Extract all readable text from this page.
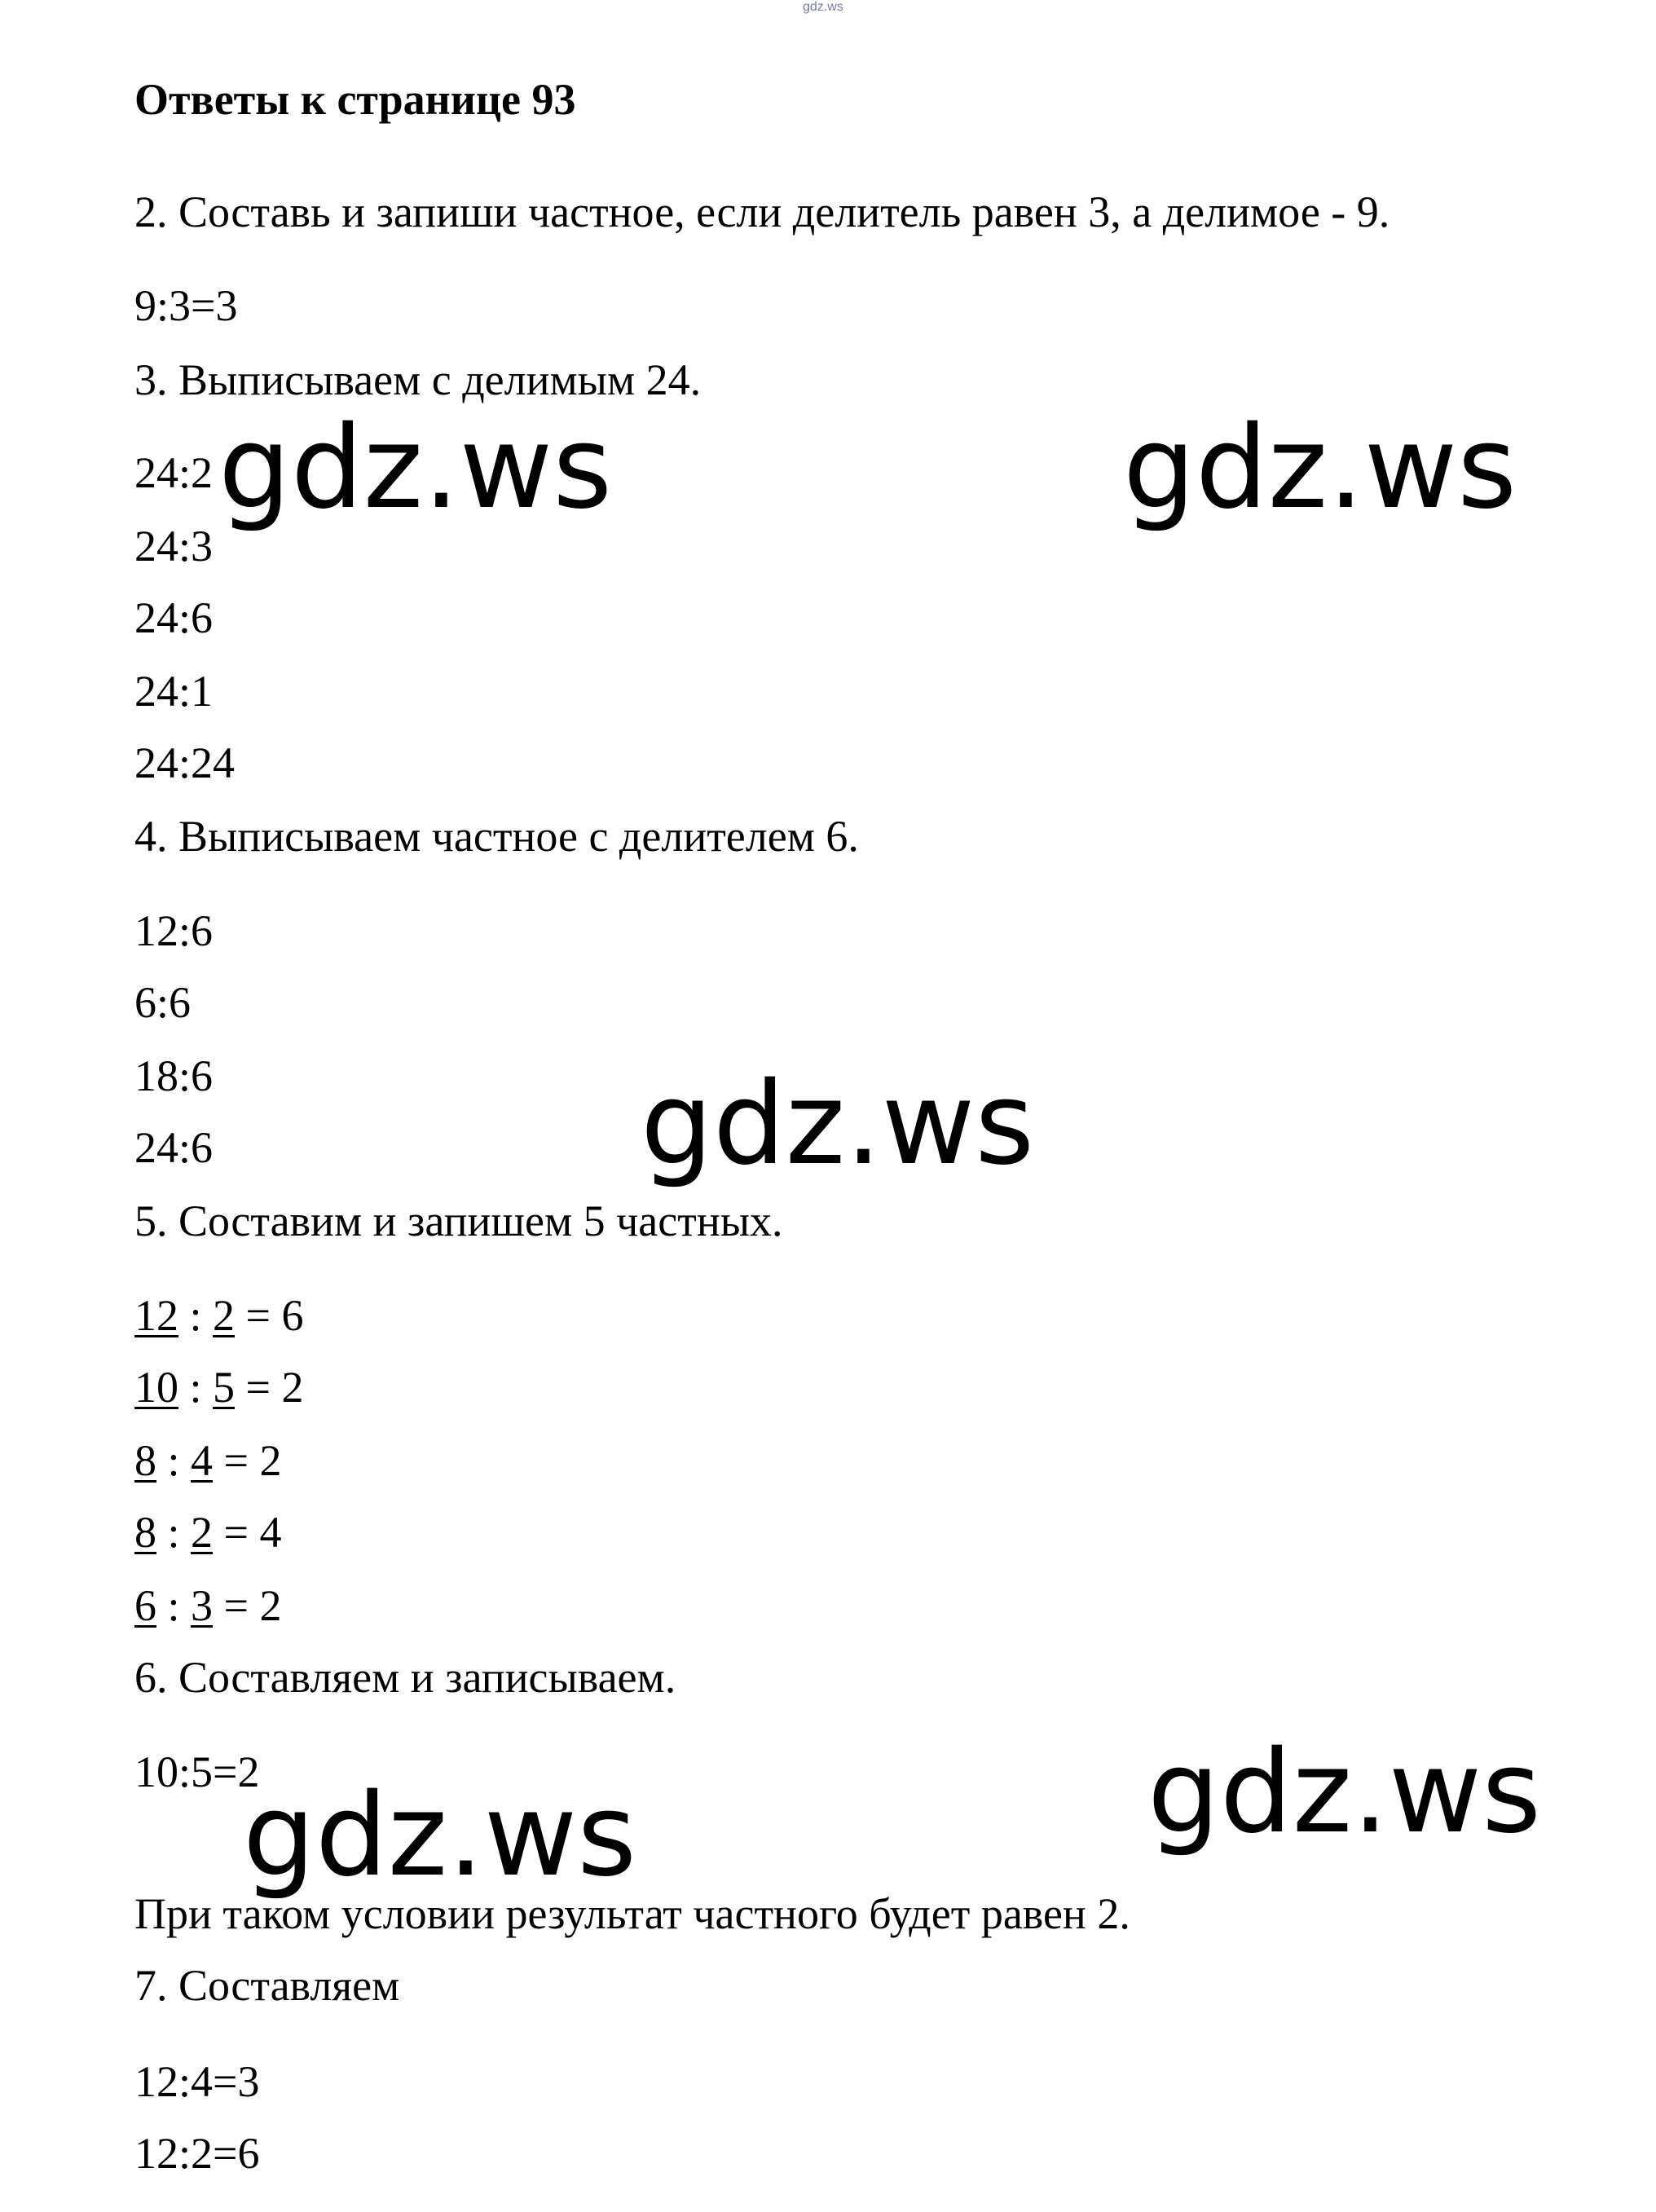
gdz.ws
Ответы к странице 93
2. Составь и запиши частное, если делитель равен 3, а делимое - 9.
9:3=3
3. Выписываем с делимым 24.
24:2
24:3
24:6
24:1
24:24
4. Выписываем частное с делителем 6.
12:6
6:6
18:6
24:6
5. Составим и запишем 5 частных.
12 : 2 = 6
10 : 5 = 2
8 : 4 = 2
8 : 2 = 4
6 : 3 = 2
6. Составляем и записываем.
10:5=2
При таком условии результат частного будет равен 2.
7. Составляем
12:4=3
12:2=6
gdz.ws	gdz.ws
gdz.ws
gdz.ws
gdz.ws
